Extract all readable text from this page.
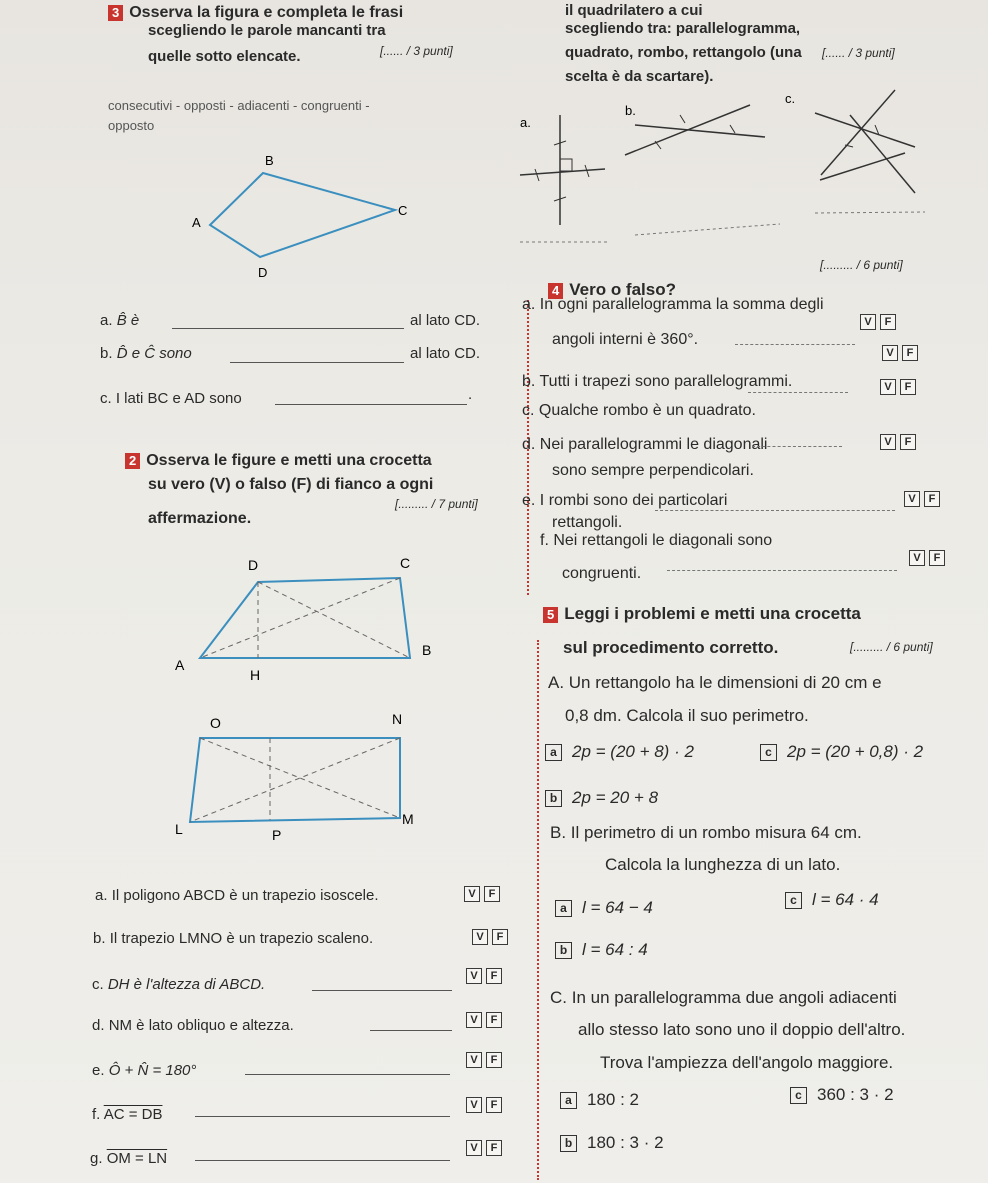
3 Osserva la figura e completa le frasi
scegliendo le parole mancanti tra
quelle sotto elencate.	[...... / 3 punti]
consecutivi - opposti - adiacenti - congruenti -
opposto
B
A
C
D
a. B̂ è	al lato CD.
b. D̂ e Ĉ sono	al lato CD.
c. I lati BC e AD sono	.
il quadrilatero a cui
scegliendo tra: parallelogramma,
quadrato, rombo, rettangolo (una
scelta è da scartare).
[...... / 3 punti]
a.
b.
c.
[......... / 6 punti]
4 Vero o falso?
a. In ogni parallelogramma la somma degli
angoli interni è 360°.
V F
b. Tutti i trapezi sono parallelogrammi.
V F
c. Qualche rombo è un quadrato.
V F
d. Nei parallelogrammi le diagonali
sono sempre perpendicolari.
V F
e. I rombi sono dei particolari
rettangoli.
V F
f. Nei rettangoli le diagonali sono
congruenti.
V F
2 Osserva le figure e metti una crocetta
su vero (V) o falso (F) di fianco a ogni
affermazione.
[......... / 7 punti]
D	C
A
H
B
O	N
L	P
M
a. Il poligono ABCD è un trapezio isoscele.	V F
b. Il trapezio LMNO è un trapezio scaleno.	V F
c. DH è l'altezza di ABCD.	V F
d. NM è lato obliquo e altezza.	V F
e. Ô + N̂ = 180°
V F
f. AC = DB
V F
g. OM = LN
V F
5 Leggi i problemi e metti una crocetta
sul procedimento corretto.	[......... / 6 punti]
A. Un rettangolo ha le dimensioni di 20 cm e
0,8 dm. Calcola il suo perimetro.
a 2p = (20 + 8) · 2	c 2p = (20 + 0,8) · 2
b 2p = 20 + 8
B. Il perimetro di un rombo misura 64 cm.
Calcola la lunghezza di un lato.
a l = 64 − 4	c l = 64 · 4
b l = 64 : 4
C. In un parallelogramma due angoli adiacenti
allo stesso lato sono uno il doppio dell'altro.
Trova l'ampiezza dell'angolo maggiore.
a 180 : 2	c 360 : 3 · 2
b 180 : 3 · 2
